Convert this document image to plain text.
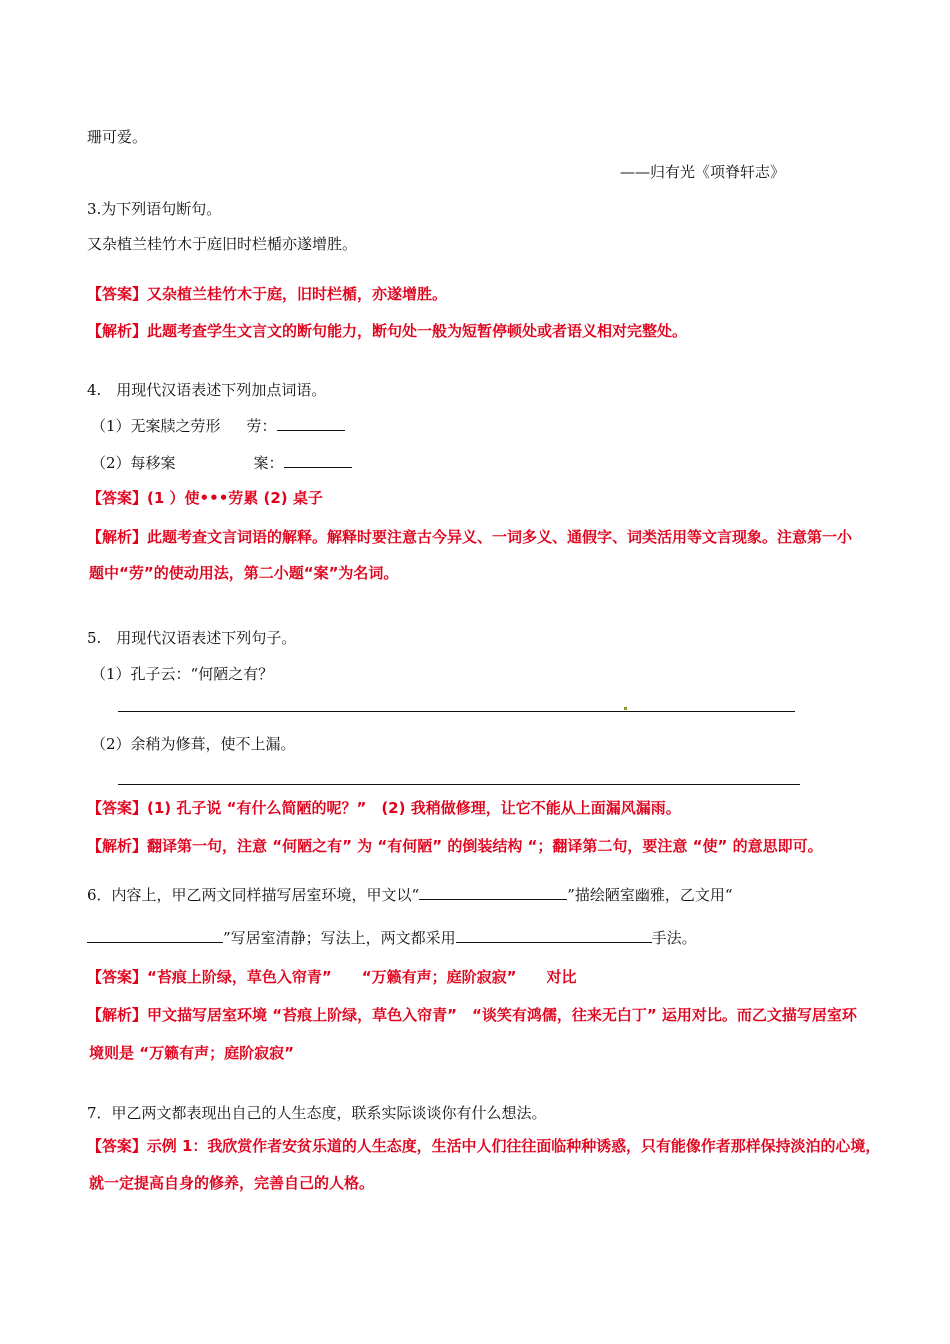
珊可爱。
——归有光《项脊轩志》
3.为下列语句断句。
又杂植兰桂竹木于庭旧时栏楯亦遂增胜。
【答案】又杂植兰桂竹木于庭，旧时栏楯，亦遂增胜。
【解析】此题考查学生文言文的断句能力，断句处一般为短暂停顿处或者语义相对完整处。
4.　用现代汉语表述下列加点词语。
（1）无案牍之劳形 劳：
（2）每移案	案：
【答案】(1 ）使•••劳累 (2) 桌子
【解析】此题考查文言词语的解释。解释时要注意古今异义、一词多义、通假字、词类活用等文言现象。注意第一小
题中“劳”的使动用法，第二小题“案”为名词。
5.　用现代汉语表述下列句子。
（1）孔子云：“何陋之有？
（2）余稍为修葺，使不上漏。
【答案】(1) 孔子说 “有什么简陋的呢？”　(2) 我稍做修理，让它不能从上面漏风漏雨。
【解析】翻译第一句，注意 “何陋之有” 为 “有何陋” 的倒装结构 “；翻译第二句，要注意 “使” 的意思即可。
6．内容上，甲乙两文同样描写居室环境，甲文以“	”描绘陋室幽雅，乙文用“
”写居室清静；写法上，两文都采用	手法。
【答案】“苔痕上阶绿，草色入帘青”　　“万籁有声；庭阶寂寂”　　对比
【解析】甲文描写居室环境 “苔痕上阶绿，草色入帘青”　“谈笑有鸿儒，往来无白丁” 运用对比。而乙文描写居室环
境则是 “万籁有声；庭阶寂寂”
7．甲乙两文都表现出自己的人生态度，联系实际谈谈你有什么想法。
【答案】示例 1：我欣赏作者安贫乐道的人生态度，生活中人们往往面临种种诱惑，只有能像作者那样保持淡泊的心境，
就一定提高自身的修养，完善自己的人格。
